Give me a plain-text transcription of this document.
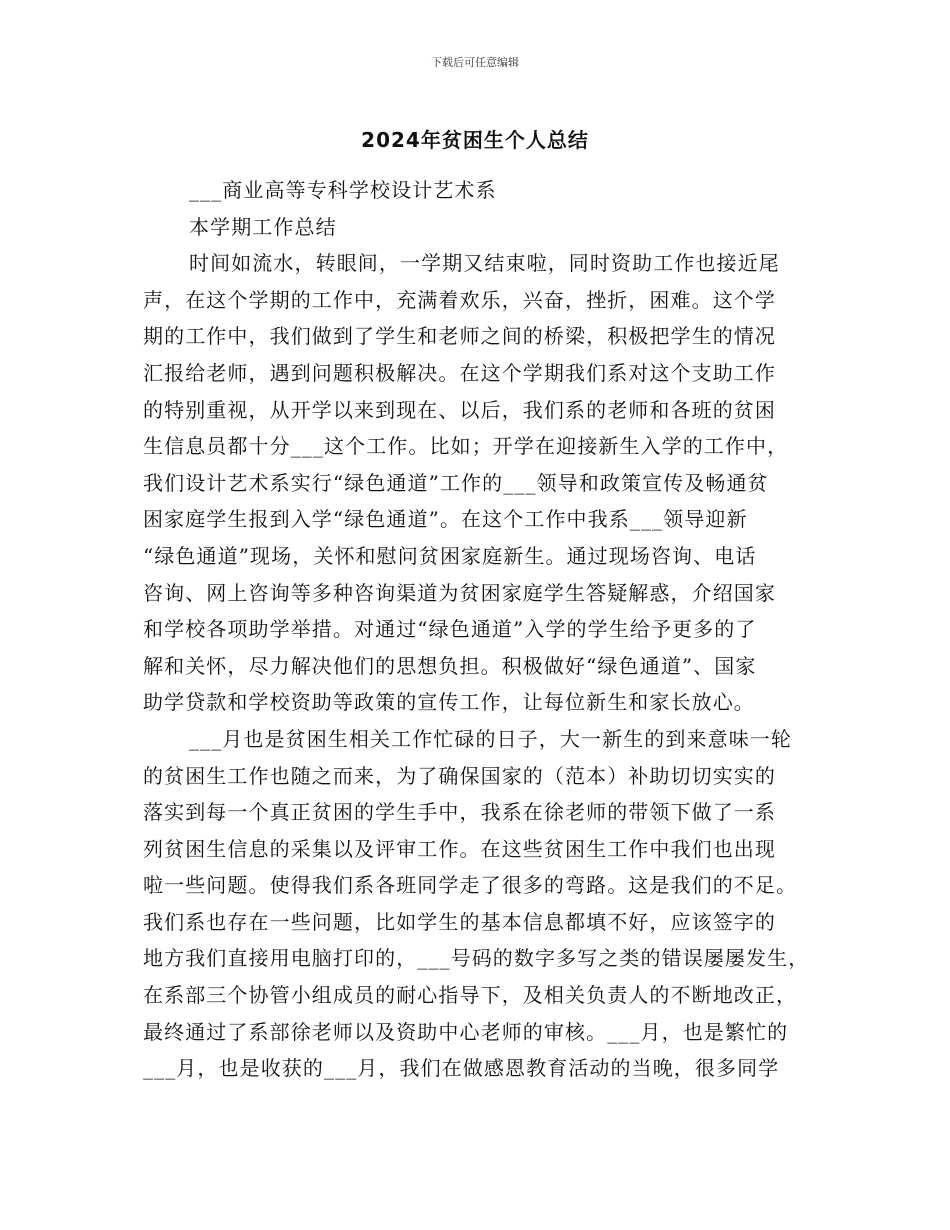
下载后可任意编辑
2024年贫困生个人总结
___商业高等专科学校设计艺术系
本学期工作总结
时间如流水，转眼间，一学期又结束啦，同时资助工作也接近尾
声，在这个学期的工作中，充满着欢乐，兴奋，挫折，困难。这个学
期的工作中，我们做到了学生和老师之间的桥梁，积极把学生的情况
汇报给老师，遇到问题积极解决。在这个学期我们系对这个支助工作
的特别重视，从开学以来到现在、以后，我们系的老师和各班的贫困
生信息员都十分___这个工作。比如；开学在迎接新生入学的工作中，
我们设计艺术系实行“绿色通道”工作的___领导和政策宣传及畅通贫
困家庭学生报到入学“绿色通道”。在这个工作中我系___领导迎新
“绿色通道”现场，关怀和慰问贫困家庭新生。通过现场咨询、电话
咨询、网上咨询等多种咨询渠道为贫困家庭学生答疑解惑，介绍国家
和学校各项助学举措。对通过“绿色通道”入学的学生给予更多的了
解和关怀，尽力解决他们的思想负担。积极做好“绿色通道”、国家
助学贷款和学校资助等政策的宣传工作，让每位新生和家长放心。
___月也是贫困生相关工作忙碌的日子，大一新生的到来意味一轮
的贫困生工作也随之而来，为了确保国家的（范本）补助切切实实的
落实到每一个真正贫困的学生手中，我系在徐老师的带领下做了一系
列贫困生信息的采集以及评审工作。在这些贫困生工作中我们也出现
啦一些问题。使得我们系各班同学走了很多的弯路。这是我们的不足。
我们系也存在一些问题，比如学生的基本信息都填不好，应该签字的
地方我们直接用电脑打印的，___号码的数字多写之类的错误屡屡发生，
在系部三个协管小组成员的耐心指导下，及相关负责人的不断地改正，
最终通过了系部徐老师以及资助中心老师的审核。___月，也是繁忙的
___月，也是收获的___月，我们在做感恩教育活动的当晚，很多同学
